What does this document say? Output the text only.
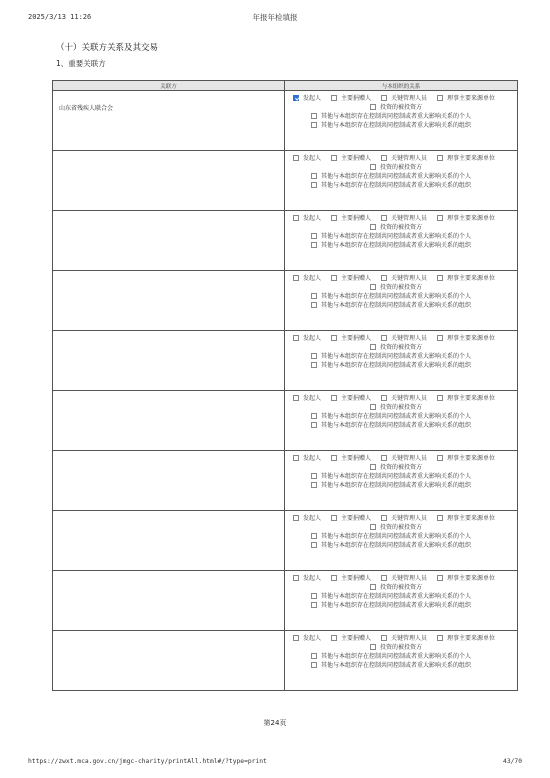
2025/3/13 11:26	年报年检填报
（十）关联方关系及其交易
1、重要关联方
关联方	与本组织的关系
山东省残疾人联合会	发起人 主要捐赠人 关键管理人员 理事主要来源单位
投资的被投资方
其他与本组织存在控制共同控制或者重大影响关系的个人
其他与本组织存在控制共同控制或者重大影响关系的组织

	发起人 主要捐赠人 关键管理人员 理事主要来源单位
投资的被投资方
其他与本组织存在控制共同控制或者重大影响关系的个人
其他与本组织存在控制共同控制或者重大影响关系的组织

	发起人 主要捐赠人 关键管理人员 理事主要来源单位
投资的被投资方
其他与本组织存在控制共同控制或者重大影响关系的个人
其他与本组织存在控制共同控制或者重大影响关系的组织

	发起人 主要捐赠人 关键管理人员 理事主要来源单位
投资的被投资方
其他与本组织存在控制共同控制或者重大影响关系的个人
其他与本组织存在控制共同控制或者重大影响关系的组织

	发起人 主要捐赠人 关键管理人员 理事主要来源单位
投资的被投资方
其他与本组织存在控制共同控制或者重大影响关系的个人
其他与本组织存在控制共同控制或者重大影响关系的组织

	发起人 主要捐赠人 关键管理人员 理事主要来源单位
投资的被投资方
其他与本组织存在控制共同控制或者重大影响关系的个人
其他与本组织存在控制共同控制或者重大影响关系的组织

	发起人 主要捐赠人 关键管理人员 理事主要来源单位
投资的被投资方
其他与本组织存在控制共同控制或者重大影响关系的个人
其他与本组织存在控制共同控制或者重大影响关系的组织

	发起人 主要捐赠人 关键管理人员 理事主要来源单位
投资的被投资方
其他与本组织存在控制共同控制或者重大影响关系的个人
其他与本组织存在控制共同控制或者重大影响关系的组织

	发起人 主要捐赠人 关键管理人员 理事主要来源单位
投资的被投资方
其他与本组织存在控制共同控制或者重大影响关系的个人
其他与本组织存在控制共同控制或者重大影响关系的组织

	发起人 主要捐赠人 关键管理人员 理事主要来源单位
投资的被投资方
其他与本组织存在控制共同控制或者重大影响关系的个人
其他与本组织存在控制共同控制或者重大影响关系的组织
第24页
https://zwxt.mca.gov.cn/jmgc-charity/printAll.html#/?type=print	43/70
